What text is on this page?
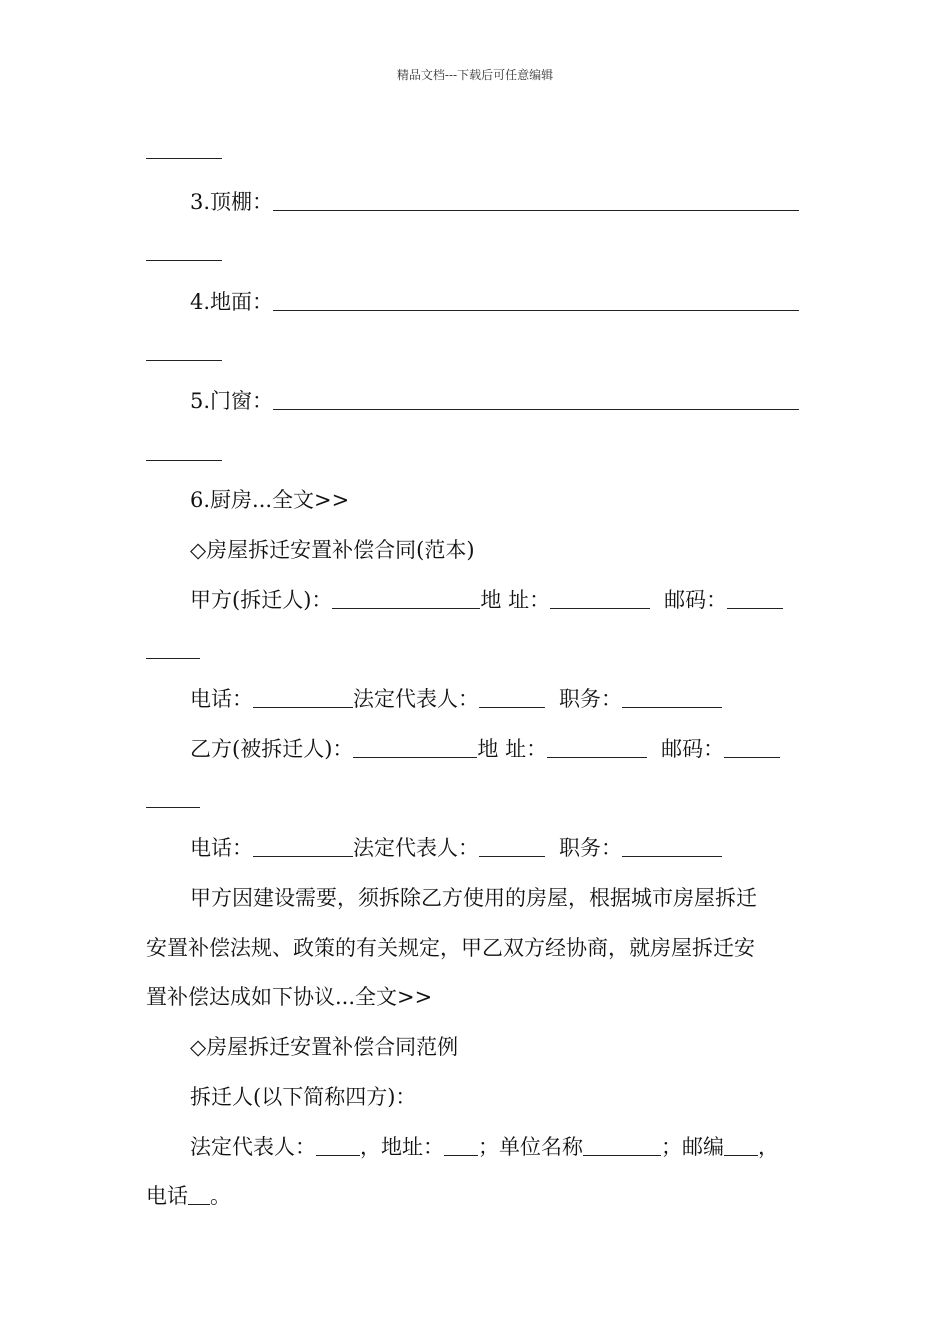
精品文档---下载后可任意编辑
3.顶棚：
4.地面：
5.门窗：
6.厨房...全文>>
◇房屋拆迁安置补偿合同(范本)
甲方(拆迁人)：	地 址：	邮码：
电话：	法定代表人：	职务：
乙方(被拆迁人)：	地 址：	邮码：
电话：	法定代表人：	职务：
甲方因建设需要，须拆除乙方使用的房屋，根据城市房屋拆迁
安置补偿法规、政策的有关规定，甲乙双方经协商，就房屋拆迁安
置补偿达成如下协议...全文>>
◇房屋拆迁安置补偿合同范例
拆迁人(以下简称四方)：
法定代表人： ，地址： ；单位名称	；邮编 ，
电话 。
